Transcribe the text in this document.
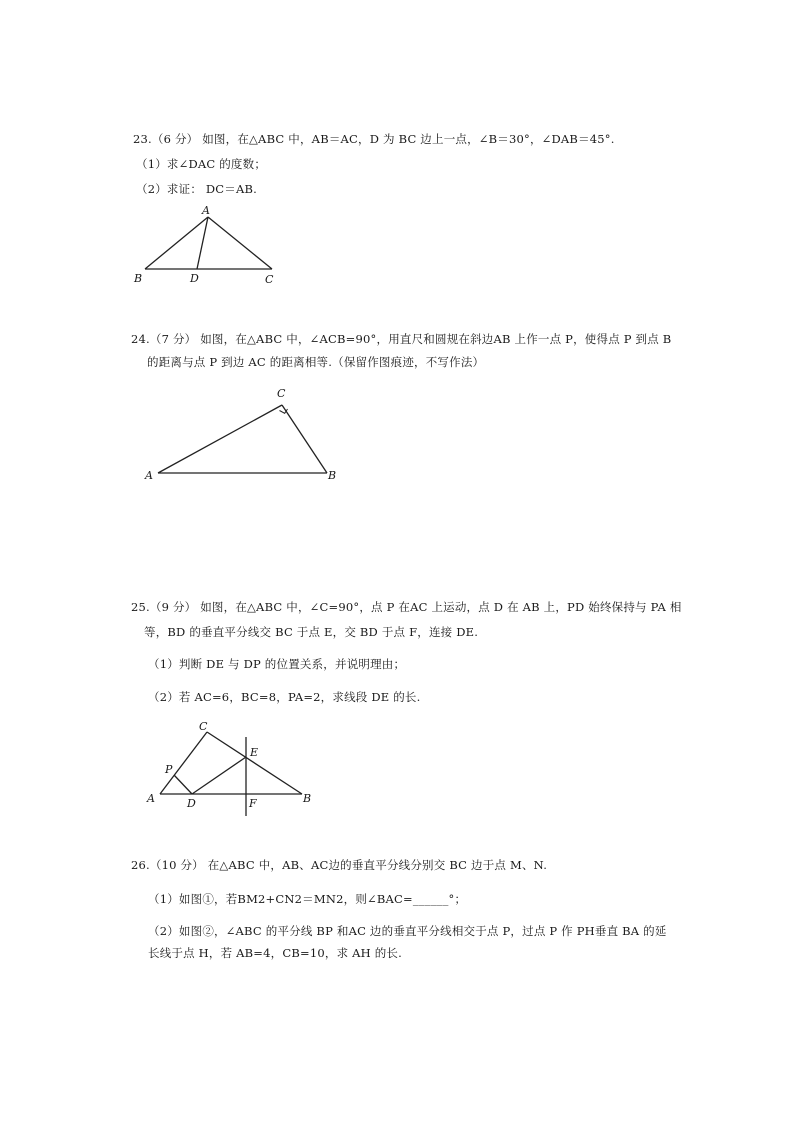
23.（6 分） 如图，在△ABC 中，AB＝AC，D 为 BC 边上一点，∠B＝30°，∠DAB＝45°.
（1）求∠DAC 的度数；
（2）求证： DC＝AB.
A
B	D	C
24.（7 分） 如图，在△ABC 中，∠ACB=90°，用直尺和圆规在斜边AB 上作一点 P，使得点 P 到点 B
的距离与点 P 到边 AC 的距离相等.（保留作图痕迹，不写作法）
C
A	B
25.（9 分） 如图，在△ABC 中，∠C=90°，点 P 在AC 上运动，点 D 在 AB 上，PD 始终保持与 PA 相
等，BD 的垂直平分线交 BC 于点 E，交 BD 于点 F，连接 DE.
（1）判断 DE 与 DP 的位置关系，并说明理由；
（2）若 AC=6，BC=8，PA=2，求线段 DE 的长.
C
P
E
A	D	F	B
26.（10 分） 在△ABC 中，AB、AC边的垂直平分线分别交 BC 边于点 M、N.
（1）如图①，若BM2+CN2＝MN2，则∠BAC=______°；
（2）如图②，∠ABC 的平分线 BP 和AC 边的垂直平分线相交于点 P，过点 P 作 PH垂直 BA 的延
长线于点 H，若 AB=4，CB=10，求 AH 的长.
